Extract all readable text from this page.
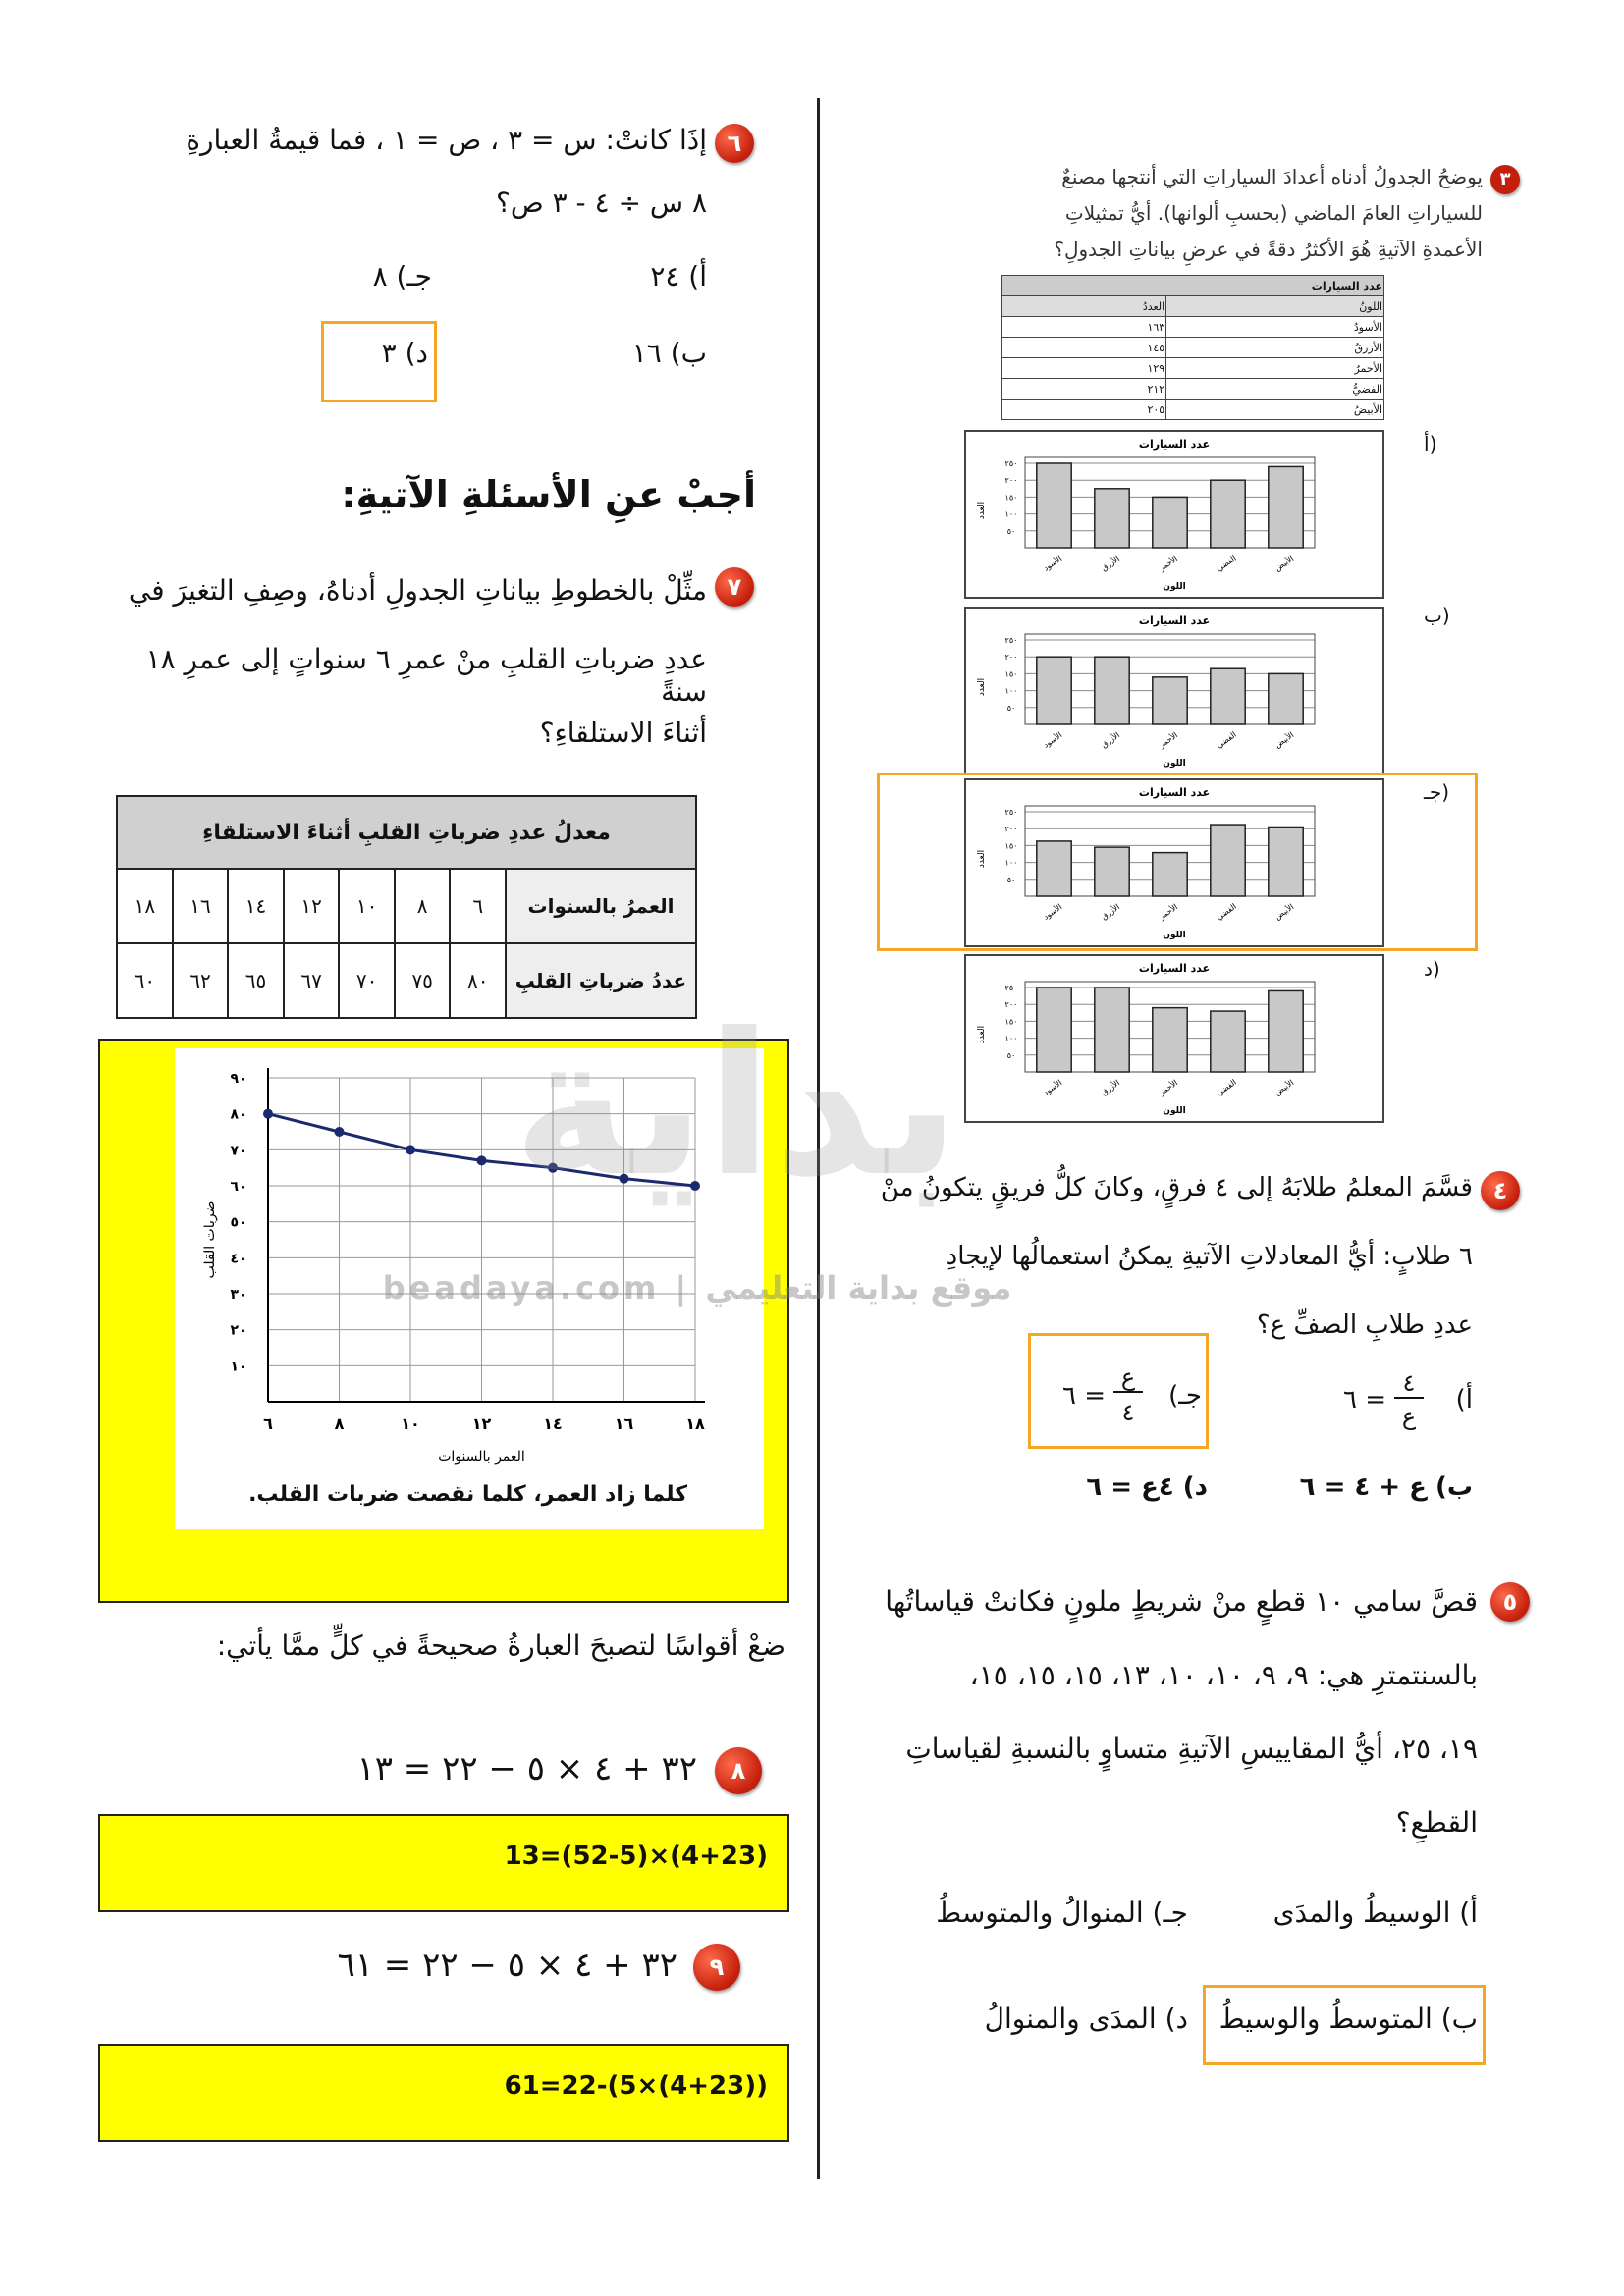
٦
إذَا كانتْ: س = ٣ ، ص = ١ ، فما قيمةُ العبارةِ
٨ س ÷ ٤ - ٣ ص؟
أ) ٢٤
جـ) ٨
ب) ١٦
د) ٣
أجبْ عنِ الأسئلةِ الآتيةِ:
٧
مثِّلْ بالخطوطِ بياناتِ الجدولِ أدناهُ، وصِفِ التغيرَ في
عددِ ضرباتِ القلبِ منْ عمرِ ٦ سنواتٍ إلى عمرِ ١٨ سنةً
أثناءَ الاستلقاءِ؟
معدلُ عددِ ضرباتِ القلبِ أثناءَ الاستلقاءِ							
العمرُ بالسنوات	٦	٨	١٠	١٢	١٤	١٦	١٨
عددُ ضرباتِ القلبِ	٨٠	٧٥	٧٠	٦٧	٦٥	٦٢	٦٠
١٠
٢٠
٣٠
٤٠
٥٠
٦٠
٧٠
٨٠
٩٠
٦	٨	١٠	١٢	١٤	١٦	١٨
العمر بالسنوات
ضربات القلب
كلما زاد العمر، كلما نقصت ضربات القلب.
ضعْ أقواسًا لتصبحَ العبارةُ صحيحةً في كلٍّ ممَّا يأتي:
٨
٣٢ + ٤ × ٥ − ٢٢ = ١٣
13=(52-5)×(4+23)
٩
٣٢ + ٤ × ٥ − ٢٢ = ٦١
61=22-(5×(4+23))
٣
يوضحُ الجدولُ أدناه أعدادَ السياراتِ التي أنتجها مصنعٌ
للسياراتِ العامَ الماضي (بحسبِ ألوانها). أيُّ تمثيلاتِ
الأعمدةِ الآتيةِ هُوَ الأكثرُ دقةً في عرضِ بياناتِ الجدولِ؟
عدد السيارات	
اللونُ	العددُ
الأسودُ	١٦٣
الأزرقُ	١٤٥
الأحمرُ	١٢٩
الفضيُّ	٢١٢
الأبيضُ	٢٠٥
أ)
عدد السيارات
٢٥٠
٢٠٠
١٥٠
١٠٠
٥٠
العدد
الأسود	الأزرق	الأحمر	الفضي	الأبيض
اللون
ب)
عدد السيارات
٢٥٠
٢٠٠
١٥٠
١٠٠
٥٠
العدد
الأسود	الأزرق	الأحمر	الفضي	الأبيض
اللون
جـ)
عدد السيارات
٢٥٠
٢٠٠
١٥٠
١٠٠
٥٠
العدد
الأسود	الأزرق	الأحمر	الفضي	الأبيض
اللون
د)
عدد السيارات
٢٥٠
٢٠٠
١٥٠
١٠٠
٥٠
العدد
الأسود	الأزرق	الأحمر	الفضي	الأبيض
اللون
٤
قسَّمَ المعلمُ طلابَهُ إلى ٤ فرقٍ، وكانَ كلُّ فريقٍ يتكونُ منْ
٦ طلابٍ: أيُّ المعادلاتِ الآتيةِ يمكنُ استعمالُها لإيجادِ
عددِ طلابِ الصفِّ ع؟
أ)
٤
ع
= ٦
جـ)
ع
٤
= ٦
ب) ع + ٤ = ٦
د) ٤ع = ٦
٥
قصَّ سامي ١٠ قطعٍ منْ شريطٍ ملونٍ فكانتْ قياساتُها
بالسنتمترِ هي: ٩، ٩، ١٠، ١٠، ١٣، ١٥، ١٥، ١٥،
١٩، ٢٥، أيُّ المقاييسِ الآتيةِ متساوٍ بالنسبةِ لقياساتِ
القطعِ؟
أ) الوسيطُ والمدَى
جـ) المنوالُ والمتوسطُ
ب) المتوسطُ والوسيطُ
د) المدَى والمنوالُ
بداية
beadaya.com | موقع بداية التعليمي
